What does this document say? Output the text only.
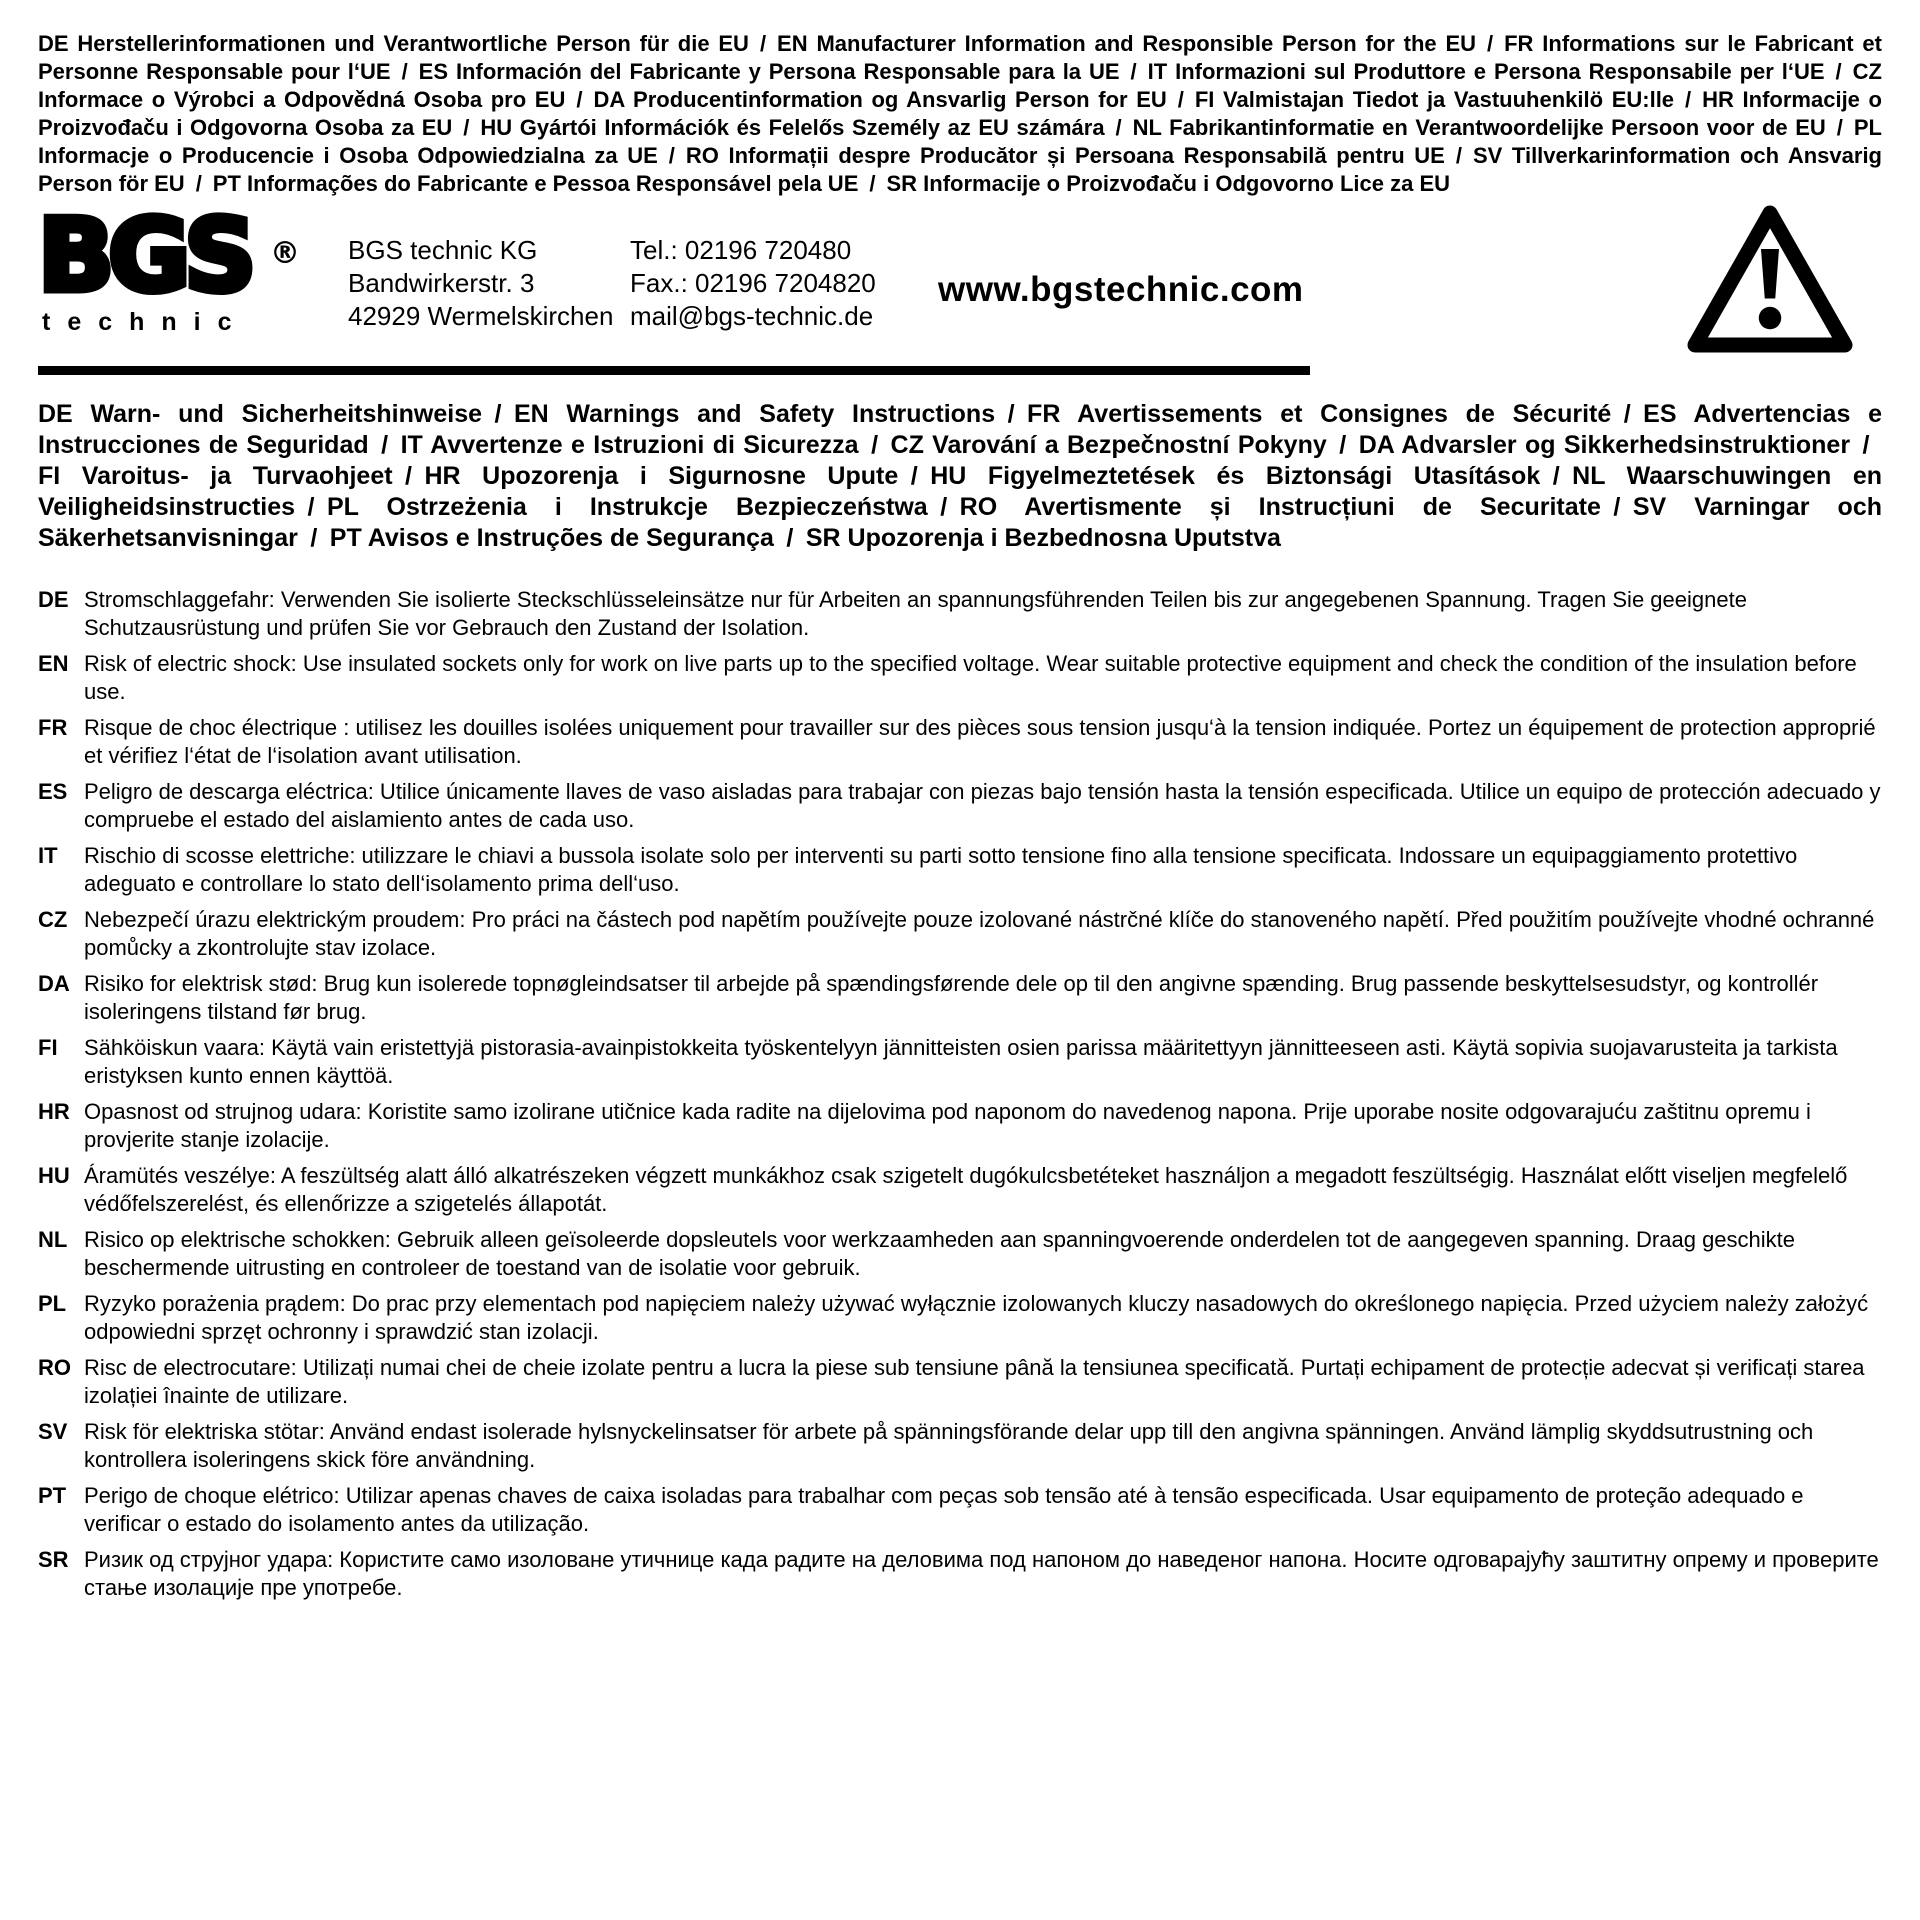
DE Herstellerinformationen und Verantwortliche Person für die EU / EN Manufacturer Information and Responsible Person for the EU / FR Informations sur le Fabricant et Personne Responsable pour l‘UE / ES Información del Fabricante y Persona Responsable para la UE / IT Informazioni sul Produttore e Persona Responsabile per l‘UE / CZ Informace o Výrobci a Odpovědná Osoba pro EU / DA Producentinformation og Ansvarlig Person for EU / FI Valmistajan Tiedot ja Vastuuhenkilö EU:lle / HR Informacije o Proizvođaču i Odgovorna Osoba za EU / HU Gyártói Információk és Felelős Személy az EU számára / NL Fabrikantinformatie en Verantwoordelijke Persoon voor de EU / PL Informacje o Producencie i Osoba Odpowiedzialna za UE / RO Informații despre Producător și Persoana Responsabilă pentru UE / SV Tillverkarinformation och Ansvarig Person för EU / PT Informações do Fabricante e Pessoa Responsável pela UE / SR Informacije o Proizvođaču i Odgovorno Lice za EU

BGS ®
technic
BGS technic KG
Bandwirkerstr. 3
42929 Wermelskirchen
Tel.: 02196 720480
Fax.: 02196 7204820
mail@bgs-technic.de
www.bgstechnic.com

DE Warn- und Sicherheitshinweise / EN Warnings and Safety Instructions / FR Avertissements et Consignes de Sécurité / ES Advertencias e Instrucciones de Seguridad / IT Avvertenze e Istruzioni di Sicurezza / CZ Varování a Bezpečnostní Pokyny / DA Advarsler og Sikkerhedsinstruktioner / FI Varoitus- ja Turvaohjeet / HR Upozorenja i Sigurnosne Upute / HU Figyelmeztetések és Biztonsági Utasítások / NL Waarschuwingen en Veiligheidsinstructies / PL Ostrzeżenia i Instrukcje Bezpieczeństwa / RO Avertismente și Instrucțiuni de Securitate / SV Varningar och Säkerhetsanvisningar / PT Avisos e Instruções de Segurança / SR Upozorenja i Bezbednosna Uputstva

DE Stromschlaggefahr: Verwenden Sie isolierte Steckschlüsseleinsätze nur für Arbeiten an spannungsführenden Teilen bis zur angegebenen Spannung. Tragen Sie geeignete Schutzausrüstung und prüfen Sie vor Gebrauch den Zustand der Isolation.

EN Risk of electric shock: Use insulated sockets only for work on live parts up to the specified voltage. Wear suitable protective equipment and check the condition of the insulation before use.

FR Risque de choc électrique : utilisez les douilles isolées uniquement pour travailler sur des pièces sous tension jusqu‘à la tension indiquée. Portez un équipement de protection approprié et vérifiez l‘état de l‘isolation avant utilisation.

ES Peligro de descarga eléctrica: Utilice únicamente llaves de vaso aisladas para trabajar con piezas bajo tensión hasta la tensión especificada. Utilice un equipo de protección adecuado y compruebe el estado del aislamiento antes de cada uso.

IT Rischio di scosse elettriche: utilizzare le chiavi a bussola isolate solo per interventi su parti sotto tensione fino alla tensione specificata. Indossare un equipaggiamento protettivo adeguato e controllare lo stato dell‘isolamento prima dell‘uso.

CZ Nebezpečí úrazu elektrickým proudem: Pro práci na částech pod napětím používejte pouze izolované nástrčné klíče do stanoveného napětí. Před použitím používejte vhodné ochranné pomůcky a zkontrolujte stav izolace.

DA Risiko for elektrisk stød: Brug kun isolerede topnøgleindsatser til arbejde på spændingsførende dele op til den angivne spænding. Brug passende beskyttelsesudstyr, og kontrollér isoleringens tilstand før brug.

FI Sähköiskun vaara: Käytä vain eristettyjä pistorasia-avainpistokkeita työskentelyyn jännitteisten osien parissa määritettyyn jännitteeseen asti. Käytä sopivia suojavarusteita ja tarkista eristyksen kunto ennen käyttöä.

HR Opasnost od strujnog udara: Koristite samo izolirane utičnice kada radite na dijelovima pod naponom do navedenog napona. Prije uporabe nosite odgovarajuću zaštitnu opremu i provjerite stanje izolacije.

HU Áramütés veszélye: A feszültség alatt álló alkatrészeken végzett munkákhoz csak szigetelt dugókulcsbetéteket használjon a megadott feszültségig. Használat előtt viseljen megfelelő védőfelszerelést, és ellenőrizze a szigetelés állapotát.

NL Risico op elektrische schokken: Gebruik alleen geïsoleerde dopsleutels voor werkzaamheden aan spanningvoerende onderdelen tot de aangegeven spanning. Draag geschikte beschermende uitrusting en controleer de toestand van de isolatie voor gebruik.

PL Ryzyko porażenia prądem: Do prac przy elementach pod napięciem należy używać wyłącznie izolowanych kluczy nasadowych do określonego napięcia. Przed użyciem należy założyć odpowiedni sprzęt ochronny i sprawdzić stan izolacji.

RO Risc de electrocutare: Utilizați numai chei de cheie izolate pentru a lucra la piese sub tensiune până la tensiunea specificată. Purtați echipament de protecție adecvat și verificați starea izolației înainte de utilizare.

SV Risk för elektriska stötar: Använd endast isolerade hylsnyckelinsatser för arbete på spänningsförande delar upp till den angivna spänningen. Använd lämplig skyddsutrustning och kontrollera isoleringens skick före användning.

PT Perigo de choque elétrico: Utilizar apenas chaves de caixa isoladas para trabalhar com peças sob tensão até à tensão especificada. Usar equipamento de proteção adequado e verificar o estado do isolamento antes da utilização.

SR Ризик од струјног удара: Користите само изоловане утичнице када радите на деловима под напоном до наведеног напона. Носите одговарајућу заштитну опрему и проверите стање изолације пре употребе.
